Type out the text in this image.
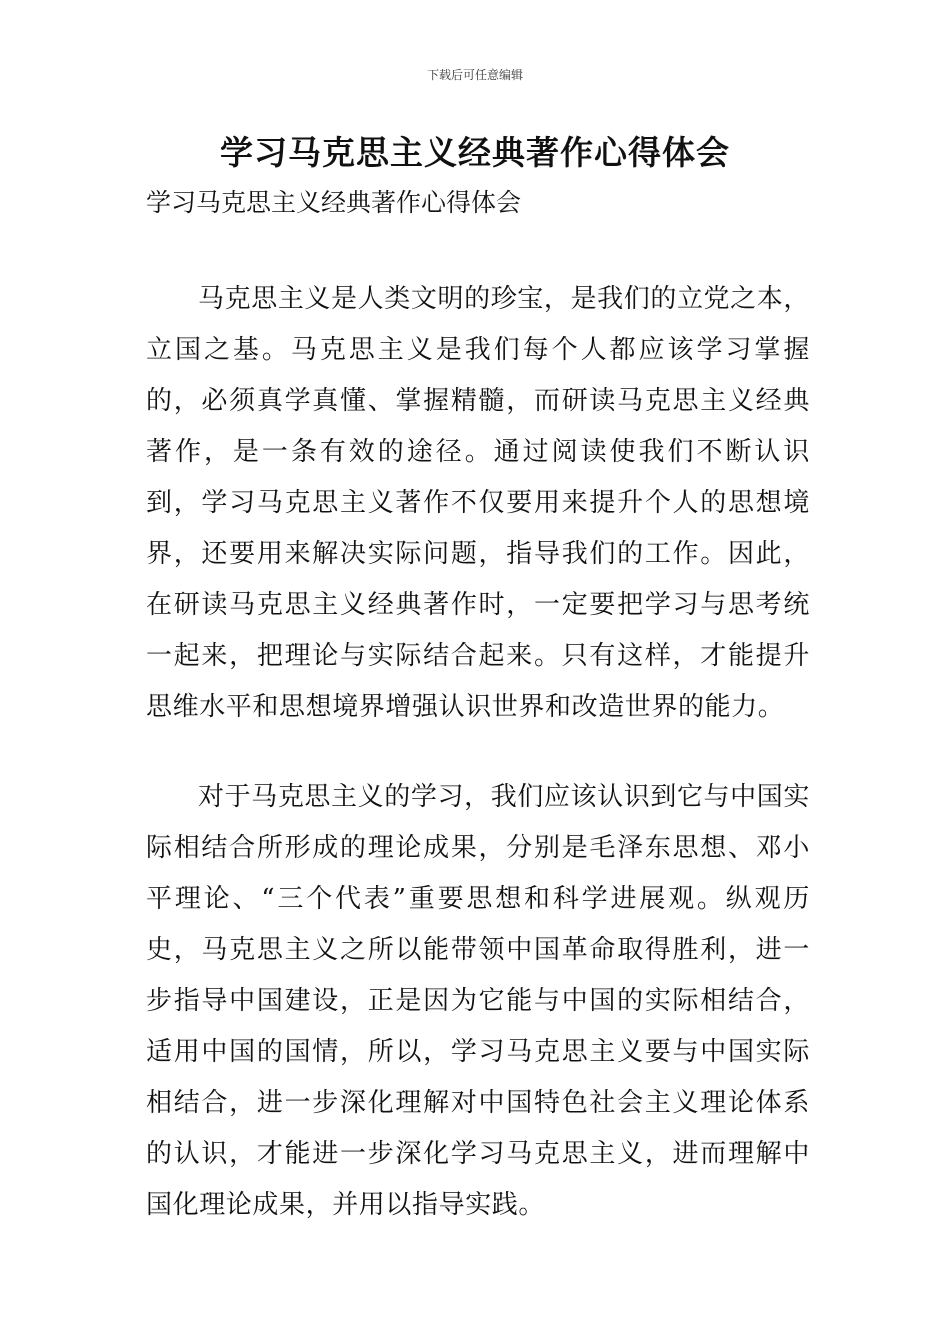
下载后可任意编辑
学习马克思主义经典著作心得体会

学习马克思主义经典著作心得体会

马克思主义是人类文明的珍宝，是我们的立党之本，立国之基。马克思主义是我们每个人都应该学习掌握的，必须真学真懂、掌握精髓，而研读马克思主义经典著作，是一条有效的途径。通过阅读使我们不断认识到，学习马克思主义著作不仅要用来提升个人的思想境界，还要用来解决实际问题，指导我们的工作。因此，在研读马克思主义经典著作时，一定要把学习与思考统一起来，把理论与实际结合起来。只有这样，才能提升思维水平和思想境界增强认识世界和改造世界的能力。

对于马克思主义的学习，我们应该认识到它与中国实际相结合所形成的理论成果，分别是毛泽东思想、邓小平理论、“三个代表”重要思想和科学进展观。纵观历史，马克思主义之所以能带领中国革命取得胜利，进一步指导中国建设，正是因为它能与中国的实际相结合，适用中国的国情，所以，学习马克思主义要与中国实际相结合，进一步深化理解对中国特色社会主义理论体系的认识，才能进一步深化学习马克思主义，进而理解中国化理论成果，并用以指导实践。
